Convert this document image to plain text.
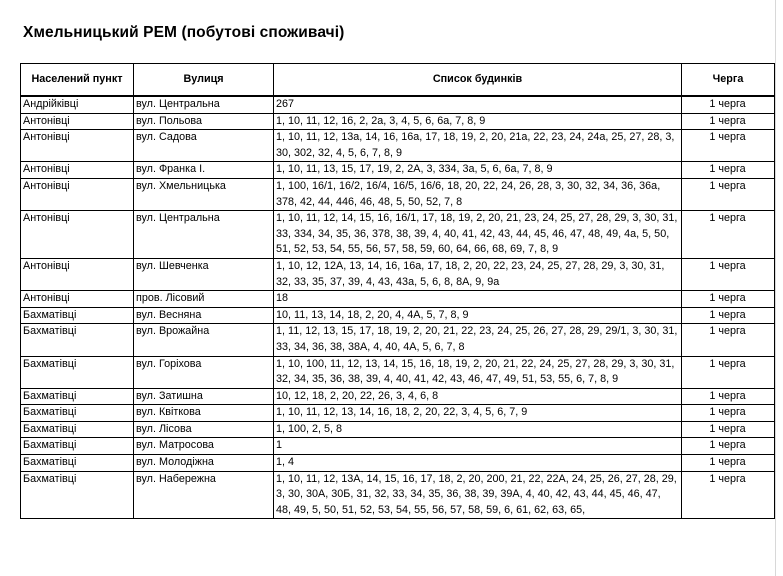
Хмельницький РЕМ (побутові споживачі)
Населений пункт	Вулиця	Список будинків	Черга
Андрійківці	вул. Центральна	267	1 черга
Антонівці	вул. Польова	1, 10, 11, 12, 16, 2, 2а, 3, 4, 5, 6, 6а, 7, 8, 9	1 черга
Антонівці	вул. Садова	1, 10, 11, 12, 13а, 14, 16, 16а, 17, 18, 19, 2, 20, 21а, 22, 23, 24, 24а, 25, 27, 28, 3, 30, 302, 32, 4, 5, 6, 7, 8, 9	1 черга
Антонівці	вул. Франка І.	1, 10, 11, 13, 15, 17, 19, 2, 2А, 3, 334, 3а, 5, 6, 6а, 7, 8, 9	1 черга
Антонівці	вул. Хмельницька	1, 100, 16/1, 16/2, 16/4, 16/5, 16/6, 18, 20, 22, 24, 26, 28, 3, 30, 32, 34, 36, 36а, 378, 42, 44, 446, 46, 48, 5, 50, 52, 7, 8	1 черга
Антонівці	вул. Центральна	1, 10, 11, 12, 14, 15, 16, 16/1, 17, 18, 19, 2, 20, 21, 23, 24, 25, 27, 28, 29, 3, 30, 31, 33, 334, 34, 35, 36, 378, 38, 39, 4, 40, 41, 42, 43, 44, 45, 46, 47, 48, 49, 4а, 5, 50, 51, 52, 53, 54, 55, 56, 57, 58, 59, 60, 64, 66, 68, 69, 7, 8, 9	1 черга
Антонівці	вул. Шевченка	1, 10, 12, 12А, 13, 14, 16, 16а, 17, 18, 2, 20, 22, 23, 24, 25, 27, 28, 29, 3, 30, 31, 32, 33, 35, 37, 39, 4, 43, 43а, 5, 6, 8, 8А, 9, 9а	1 черга
Антонівці	пров. Лісовий	18	1 черга
Бахматівці	вул. Весняна	10, 11, 13, 14, 18, 2, 20, 4, 4А, 5, 7, 8, 9	1 черга
Бахматівці	вул. Врожайна	1, 11, 12, 13, 15, 17, 18, 19, 2, 20, 21, 22, 23, 24, 25, 26, 27, 28, 29, 29/1, 3, 30, 31, 33, 34, 36, 38, 38А, 4, 40, 4А, 5, 6, 7, 8	1 черга
Бахматівці	вул. Горіхова	1, 10, 100, 11, 12, 13, 14, 15, 16, 18, 19, 2, 20, 21, 22, 24, 25, 27, 28, 29, 3, 30, 31, 32, 34, 35, 36, 38, 39, 4, 40, 41, 42, 43, 46, 47, 49, 51, 53, 55, 6, 7, 8, 9	1 черга
Бахматівці	вул. Затишна	10, 12, 18, 2, 20, 22, 26, 3, 4, 6, 8	1 черга
Бахматівці	вул. Квіткова	1, 10, 11, 12, 13, 14, 16, 18, 2, 20, 22, 3, 4, 5, 6, 7, 9	1 черга
Бахматівці	вул. Лісова	1, 100, 2, 5, 8	1 черга
Бахматівці	вул. Матросова	1	1 черга
Бахматівці	вул. Молодіжна	1, 4	1 черга
Бахматівці	вул. Набережна	1, 10, 11, 12, 13А, 14, 15, 16, 17, 18, 2, 20, 200, 21, 22, 22А, 24, 25, 26, 27, 28, 29, 3, 30, 30А, 30Б, 31, 32, 33, 34, 35, 36, 38, 39, 39А, 4, 40, 42, 43, 44, 45, 46, 47, 48, 49, 5, 50, 51, 52, 53, 54, 55, 56, 57, 58, 59, 6, 61, 62, 63, 65,	1 черга
